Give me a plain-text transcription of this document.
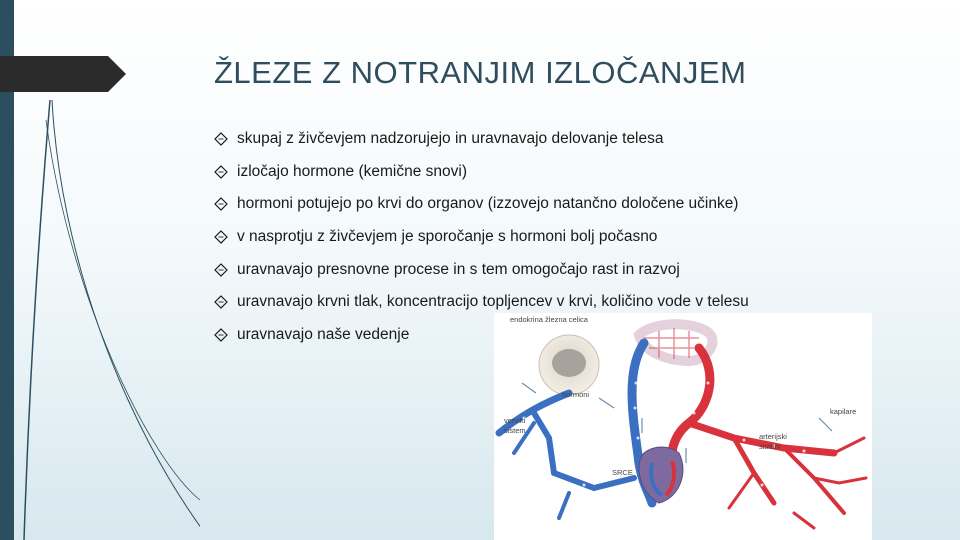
ŽLEZE Z NOTRANJIM IZLOČANJEM
skupaj z živčevjem nadzorujejo in uravnavajo delovanje telesa
izločajo hormone (kemične snovi)
hormoni potujejo po krvi do organov (izzovejo natančno določene učinke)
v nasprotju z živčevjem je sporočanje s hormoni bolj počasno
uravnavajo presnovne procese in s tem omogočajo rast in razvoj
uravnavajo krvni tlak, koncentracijo topljencev v krvi, količino vode v telesu
uravnavajo naše vedenje
endokrina žlezna celica
hormoni
venski
sistem
SRCE
arterijski
sistem
kapilare
